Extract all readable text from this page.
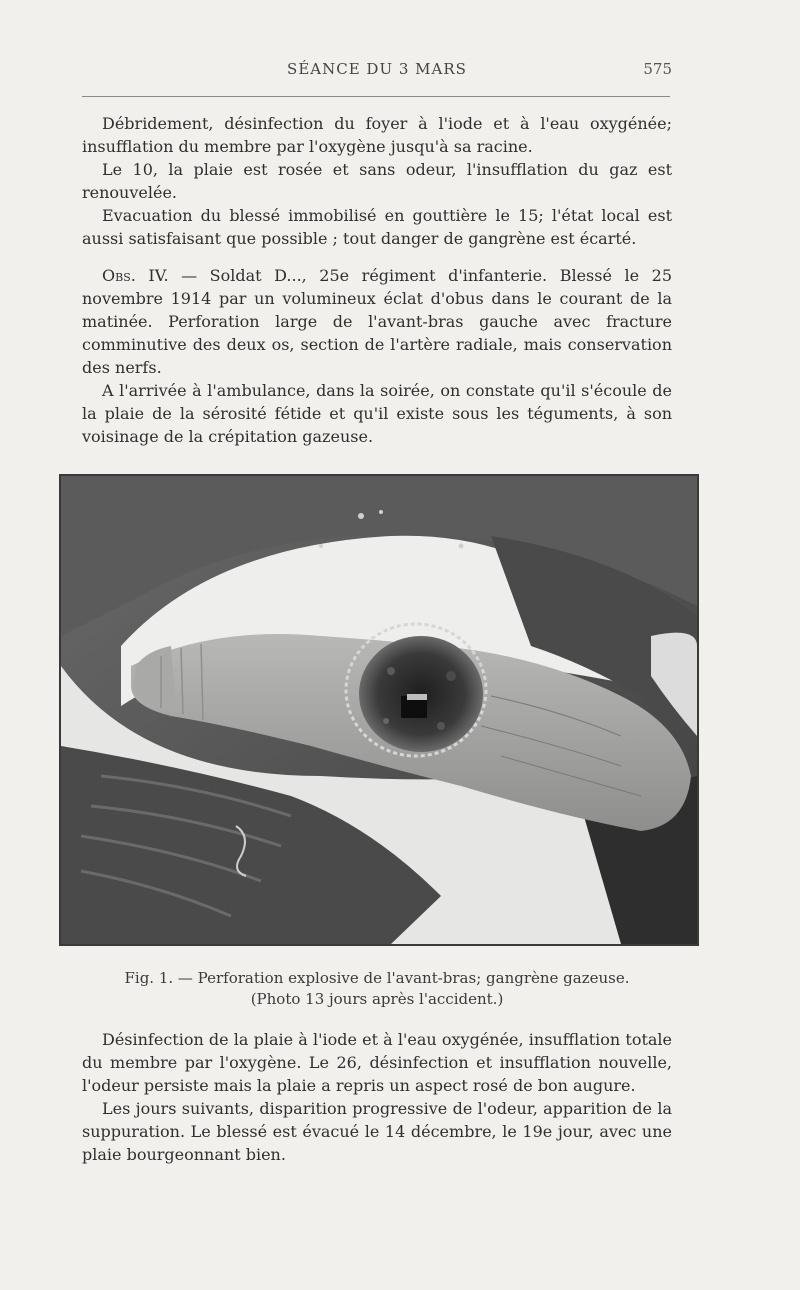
SÉANCE DU 3 MARS	575

Débridement, désinfection du foyer à l'iode et à l'eau oxygénée; insufflation du membre par l'oxygène jusqu'à sa racine.

Le 10, la plaie est rosée et sans odeur, l'insufflation du gaz est renouvelée.

Evacuation du blessé immobilisé en gouttière le 15; l'état local est aussi satisfaisant que possible ; tout danger de gangrène est écarté.

Obs. IV. — Soldat D..., 25e régiment d'infanterie. Blessé le 25 novembre 1914 par un volumineux éclat d'obus dans le courant de la matinée. Perforation large de l'avant-bras gauche avec fracture comminutive des deux os, section de l'artère radiale, mais conservation des nerfs.

A l'arrivée à l'ambulance, dans la soirée, on constate qu'il s'écoule de la plaie de la sérosité fétide et qu'il existe sous les téguments, à son voisinage de la crépitation gazeuse.

Fig. 1. — Perforation explosive de l'avant-bras; gangrène gazeuse.
(Photo 13 jours après l'accident.)

Désinfection de la plaie à l'iode et à l'eau oxygénée, insufflation totale du membre par l'oxygène. Le 26, désinfection et insufflation nouvelle, l'odeur persiste mais la plaie a repris un aspect rosé de bon augure.

Les jours suivants, disparition progressive de l'odeur, apparition de la suppuration. Le blessé est évacué le 14 décembre, le 19e jour, avec une plaie bourgeonnant bien.
